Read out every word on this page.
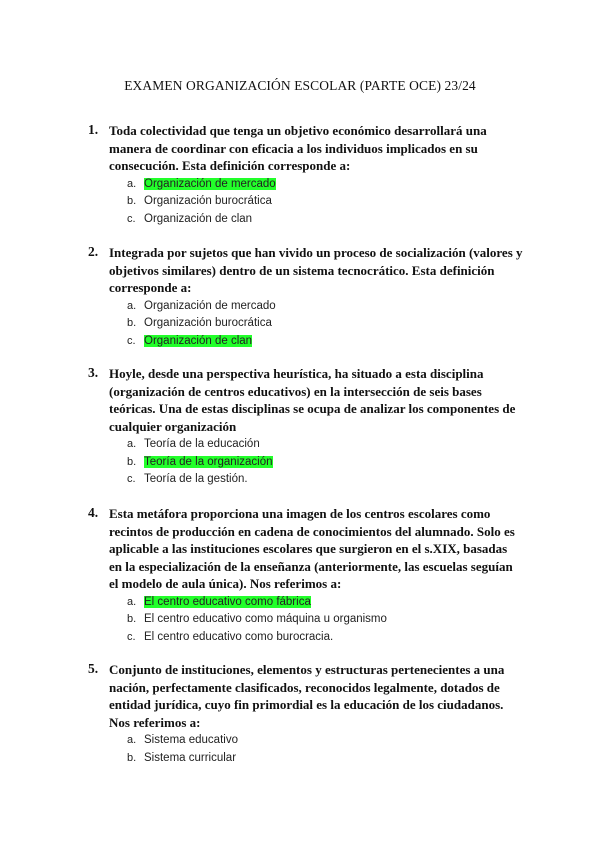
EXAMEN ORGANIZACIÓN ESCOLAR (PARTE OCE) 23/24
1. Toda colectividad que tenga un objetivo económico desarrollará una manera de coordinar con eficacia a los individuos implicados en su consecución. Esta definición corresponde a:
a. Organización de mercado
b. Organización burocrática
c. Organización de clan
2. Integrada por sujetos que han vivido un proceso de socialización (valores y objetivos similares) dentro de un sistema tecnocrático. Esta definición corresponde a:
a. Organización de mercado
b. Organización burocrática
c. Organización de clan
3. Hoyle, desde una perspectiva heurística, ha situado a esta disciplina (organización de centros educativos) en la intersección de seis bases teóricas. Una de estas disciplinas se ocupa de analizar los componentes de cualquier organización
a. Teoría de la educación
b. Teoría de la organización
c. Teoría de la gestión.
4. Esta metáfora proporciona una imagen de los centros escolares como recintos de producción en cadena de conocimientos del alumnado. Solo es aplicable a las instituciones escolares que surgieron en el s.XIX, basadas en la especialización de la enseñanza (anteriormente, las escuelas seguían el modelo de aula única). Nos referimos a:
a. El centro educativo como fábrica
b. El centro educativo como máquina u organismo
c. El centro educativo como burocracia.
5. Conjunto de instituciones, elementos y estructuras pertenecientes a una nación, perfectamente clasificados, reconocidos legalmente, dotados de entidad jurídica, cuyo fin primordial es la educación de los ciudadanos. Nos referimos a:
a. Sistema educativo
b. Sistema curricular
